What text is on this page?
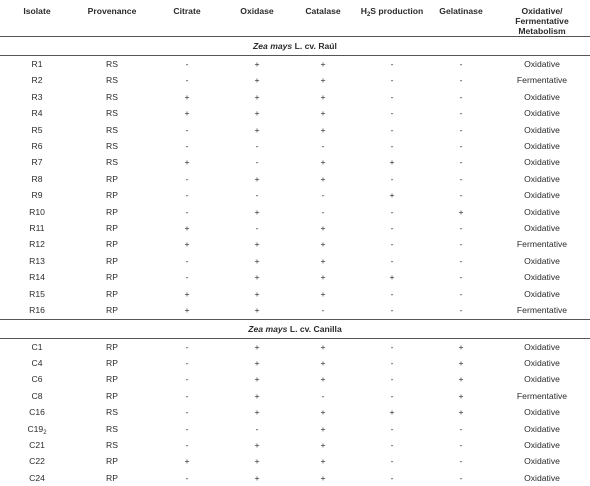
Isolate	Provenance	Citrate	Oxidase	Catalase	$H_2S$ production	Gelatinase	Oxidative/ Fermentative
Metabolism
Zea mays L. cv. Raúl							
R1	RS	-	+	+	-	-	Oxidative
R2	RS	-	+	+	-	-	Fermentative
R3	RS	+	+	+	-	-	Oxidative
R4	RS	+	+	+	-	-	Oxidative
R5	RS	-	+	+	-	-	Oxidative
R6	RS	-	-	-	-	-	Oxidative
R7	RS	+	-	+	+	-	Oxidative
R8	RP	-	+	+	-	-	Oxidative
R9	RP	-	-	-	+	-	Oxidative
R10	RP	-	+	-	-	+	Oxidative
R11	RP	+	-	+	-	-	Oxidative
R12	RP	+	+	+	-	-	Fermentative
R13	RP	-	+	+	-	-	Oxidative
R14	RP	-	+	+	+	-	Oxidative
R15	RP	+	+	+	-	-	Oxidative
R16	RP	+	+	-	-	-	Fermentative
Zea mays L. cv. Canilla							
C1	RP	-	+	+	-	+	Oxidative
C4	RP	-	+	+	-	+	Oxidative
C6	RP	-	+	+	-	+	Oxidative
C8	RP	-	+	-	-	+	Fermentative
C16	RS	-	+	+	+	+	Oxidative
$C19_2$	RS	-	-	+	-	-	Oxidative
C21	RS	-	+	+	-	-	Oxidative
C22	RP	+	+	+	-	-	Oxidative
C24	RP	-	+	+	-	-	Oxidative
